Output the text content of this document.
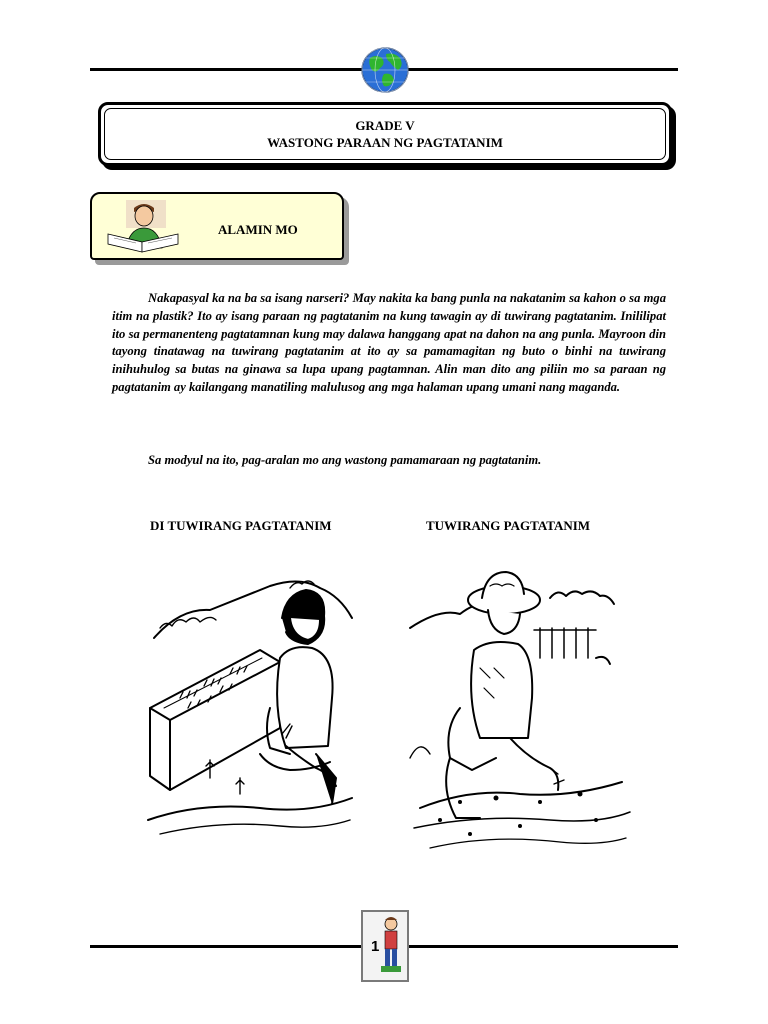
GRADE V
WASTONG PARAAN NG PAGTATANIM
ALAMIN MO

Nakapasyal ka na ba sa isang narseri? May nakita ka bang punla na nakatanim sa kahon o sa mga itim na plastik? Ito ay isang paraan ng pagtatanim na kung tawagin ay di tuwirang pagtatanim. Inililipat ito sa permanenteng pagtatamnan kung may dalawa hanggang apat na dahon na ang punla. Mayroon din tayong tinatawag na tuwirang pagtatanim at ito ay sa pamamagitan ng buto o binhi na tuwirang inihuhulog sa butas na ginawa sa lupa upang pagtamnan. Alin man dito ang piliin mo sa paraan ng pagtatanim ay kailangang manatiling malulusog ang mga halaman upang umani nang maganda.

Sa modyul na ito, pag-aralan mo ang wastong pamamaraan ng pagtatanim.

DI TUWIRANG PAGTATANIM	TUWIRANG PAGTATANIM
1
